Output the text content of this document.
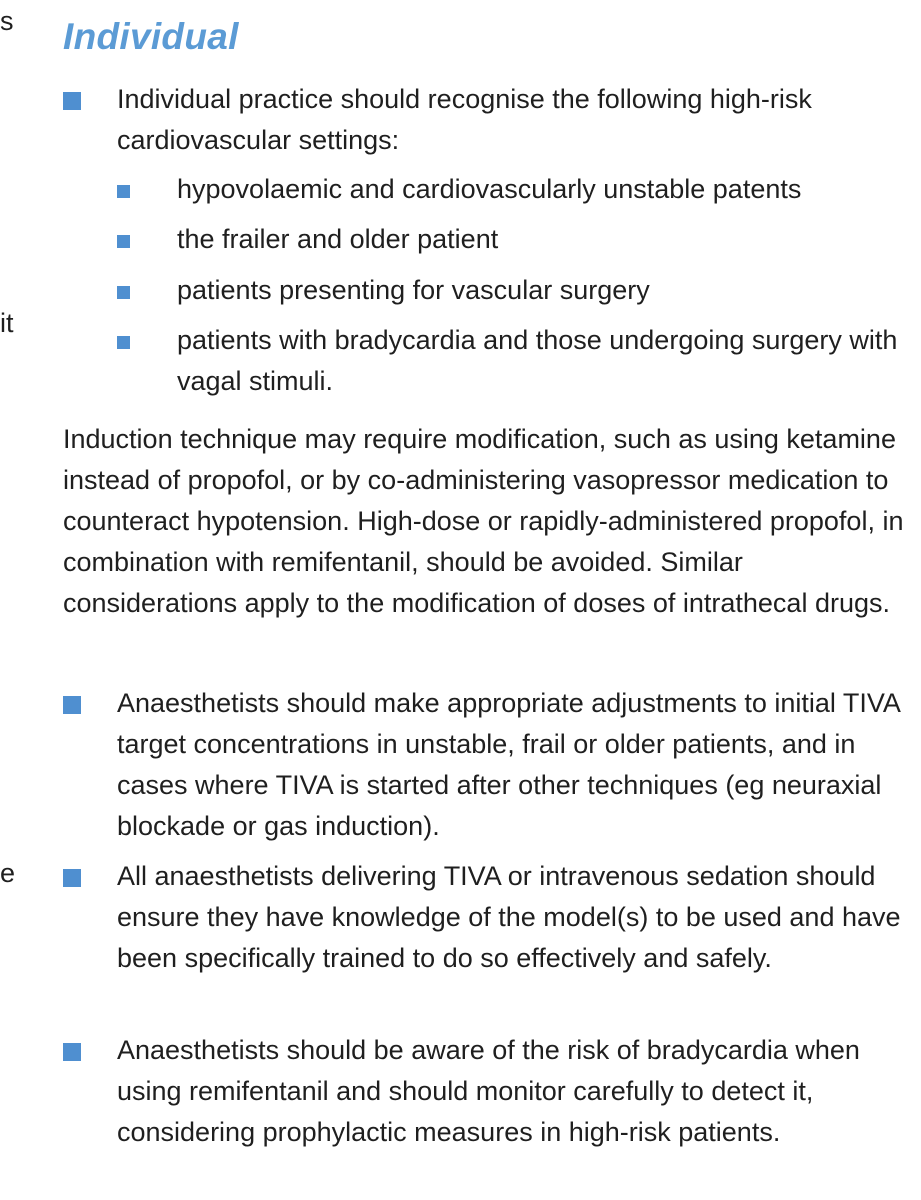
s
it
e
Individual
Individual practice should recognise the following high-risk cardiovascular settings:
hypovolaemic and cardiovascularly unstable patents
the frailer and older patient
patients presenting for vascular surgery
patients with bradycardia and those undergoing surgery with vagal stimuli.

Induction technique may require modification, such as using ketamine instead of propofol, or by co-administering vasopressor medication to counteract hypotension. High-dose or rapidly-administered propofol, in combination with remifentanil, should be avoided. Similar considerations apply to the modification of doses of intrathecal drugs.

Anaesthetists should make appropriate adjustments to initial TIVA target concentrations in unstable, frail or older patients, and in cases where TIVA is started after other techniques (eg neuraxial blockade or gas induction).
All anaesthetists delivering TIVA or intravenous sedation should ensure they have knowledge of the model(s) to be used and have been specifically trained to do so effectively and safely.
Anaesthetists should be aware of the risk of bradycardia when using remifentanil and should monitor carefully to detect it, considering prophylactic measures in high-risk patients.
